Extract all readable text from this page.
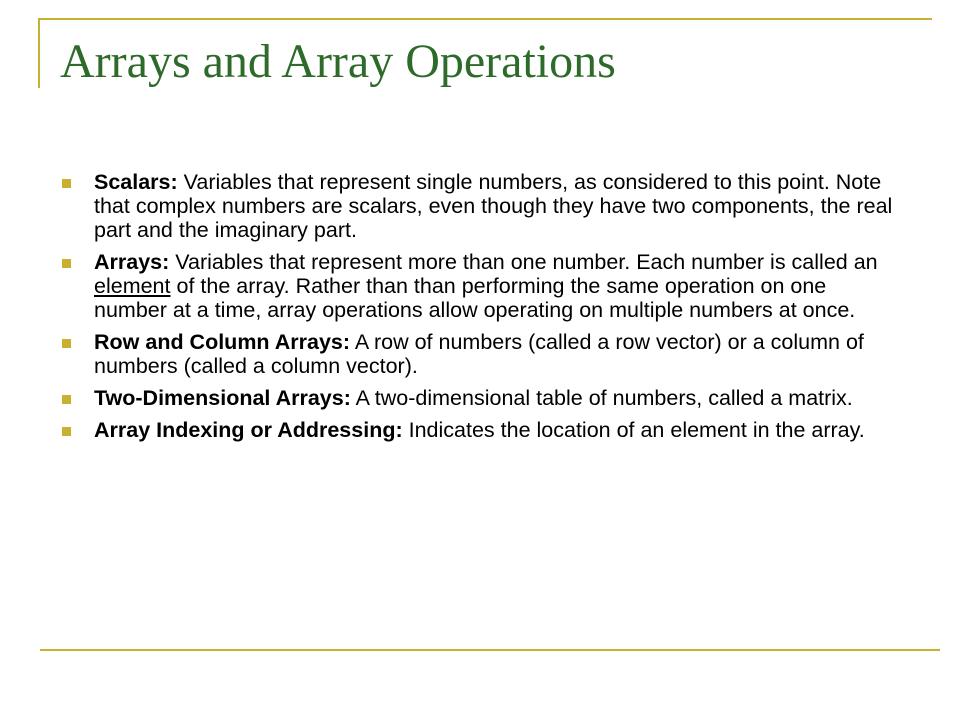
Arrays and Array Operations
Scalars: Variables that represent single numbers, as considered to this point. Note that complex numbers are scalars, even though they have two components, the real part and the imaginary part.
Arrays: Variables that represent more than one number. Each number is called an element of the array. Rather than than performing the same operation on one number at a time, array operations allow operating on multiple numbers at once.
Row and Column Arrays: A row of numbers (called a row vector) or a column of numbers (called a column vector).
Two-Dimensional Arrays: A two-dimensional table of numbers, called a matrix.
Array Indexing or Addressing: Indicates the location of an element in the array.
